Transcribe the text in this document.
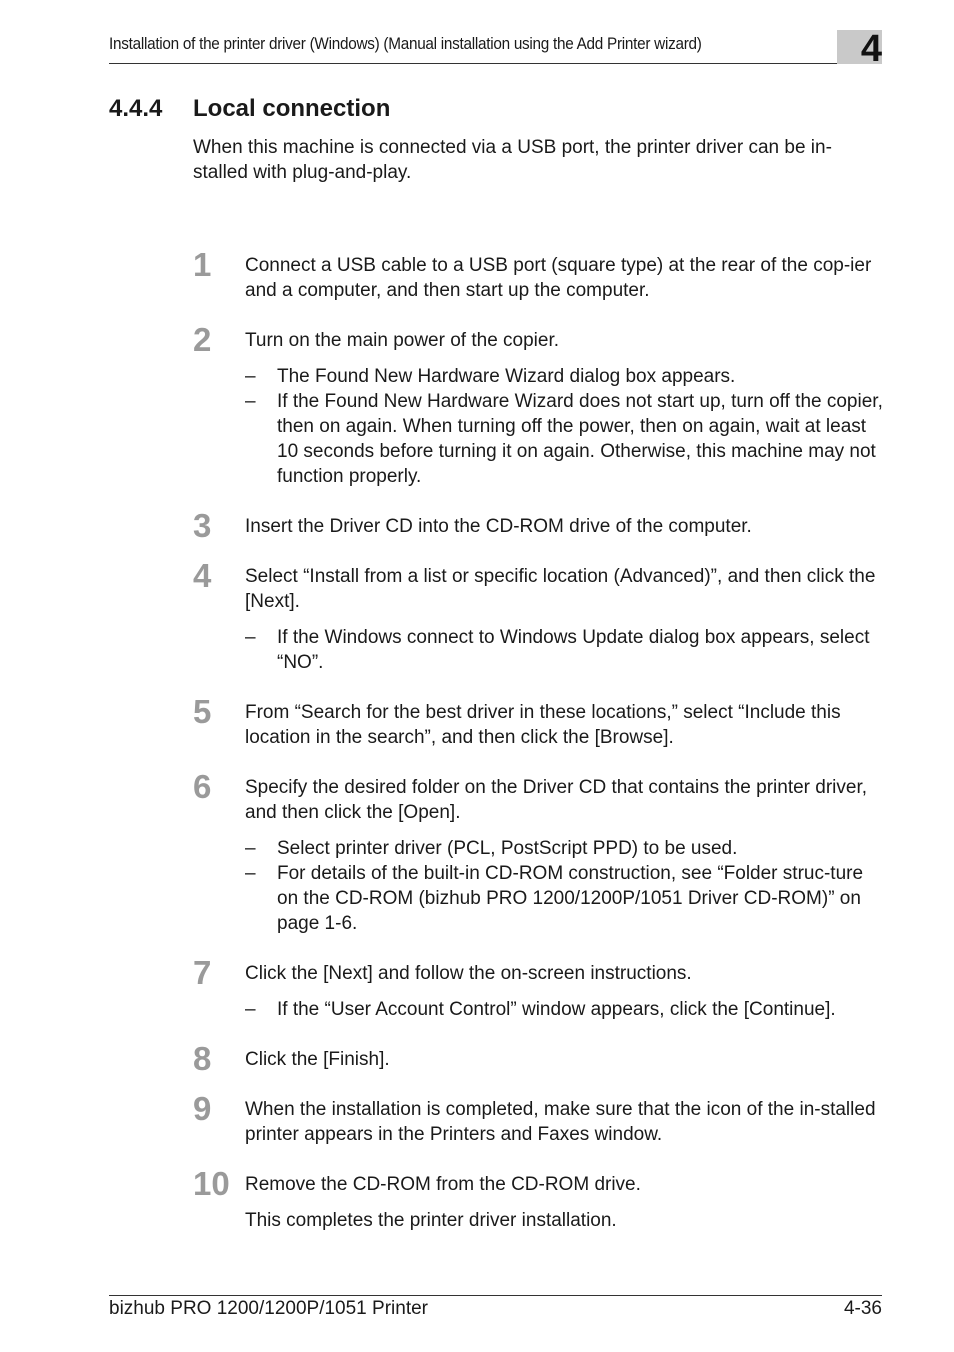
Installation of the printer driver (Windows) (Manual installation using the Add Printer wizard)	4
4.4.4 Local connection
When this machine is connected via a USB port, the printer driver can be in-stalled with plug-and-play.
1 Connect a USB cable to a USB port (square type) at the rear of the cop-ier and a computer, and then start up the computer.
2 Turn on the main power of the copier.
– The Found New Hardware Wizard dialog box appears.
– If the Found New Hardware Wizard does not start up, turn off the copier, then on again. When turning off the power, then on again, wait at least 10 seconds before turning it on again. Otherwise, this machine may not function properly.
3 Insert the Driver CD into the CD-ROM drive of the computer.
4 Select “Install from a list or specific location (Advanced)”, and then click the [Next].
– If the Windows connect to Windows Update dialog box appears, select “NO”.
5 From “Search for the best driver in these locations,” select “Include this location in the search”, and then click the [Browse].
6 Specify the desired folder on the Driver CD that contains the printer driver, and then click the [Open].
– Select printer driver (PCL, PostScript PPD) to be used.
– For details of the built-in CD-ROM construction, see “Folder struc-ture on the CD-ROM (bizhub PRO 1200/1200P/1051 Driver CD-ROM)” on page 1-6.
7 Click the [Next] and follow the on-screen instructions.
– If the “User Account Control” window appears, click the [Continue].
8 Click the [Finish].
9 When the installation is completed, make sure that the icon of the in-stalled printer appears in the Printers and Faxes window.
10 Remove the CD-ROM from the CD-ROM drive.
This completes the printer driver installation.
bizhub PRO 1200/1200P/1051 Printer	4-36
